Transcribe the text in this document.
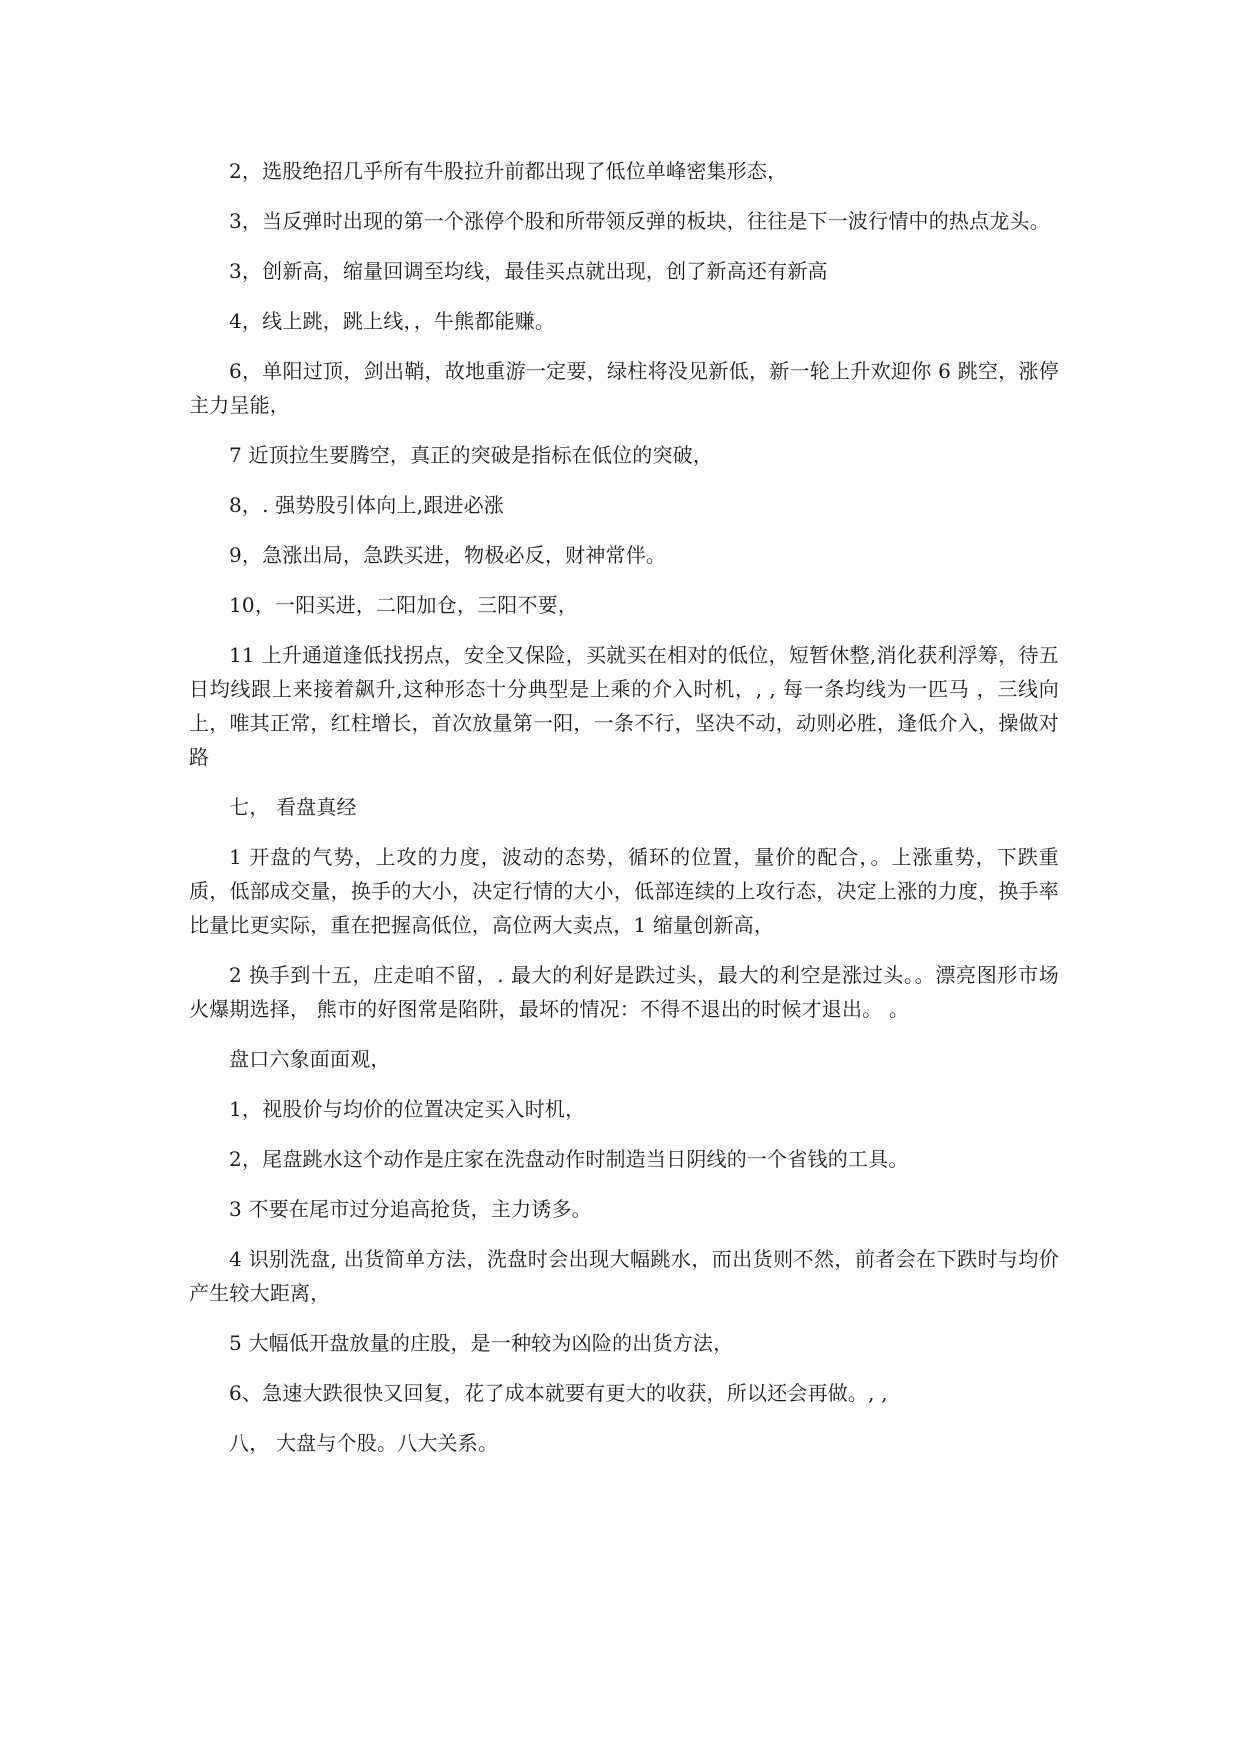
2，选股绝招几乎所有牛股拉升前都出现了低位单峰密集形态，

3，当反弹时出现的第一个涨停个股和所带领反弹的板块，往往是下一波行情中的热点龙头。

3，创新高，缩量回调至均线，最佳买点就出现，创了新高还有新高

4，线上跳，跳上线，，牛熊都能赚。

6，单阳过顶，剑出鞘，故地重游一定要，绿柱将没见新低，新一轮上升欢迎你 6 跳空，涨停主力呈能，

7 近顶拉生要腾空，真正的突破是指标在低位的突破，

8，. 强势股引体向上,跟进必涨

9，急涨出局，急跌买进，物极必反，财神常伴。

10，一阳买进，二阳加仓，三阳不要，

11 上升通道逢低找拐点，安全又保险，买就买在相对的低位，短暂休整,消化获利浮筹，待五日均线跟上来接着飙升,这种形态十分典型是上乘的介入时机，, , 每一条均线为一匹马 ，三线向上，唯其正常，红柱增长，首次放量第一阳，一条不行，坚决不动，动则必胜，逢低介入，操做对路

七， 看盘真经

1 开盘的气势，上攻的力度，波动的态势，循环的位置，量价的配合，。上涨重势，下跌重质，低部成交量，换手的大小，决定行情的大小，低部连续的上攻行态，决定上涨的力度，换手率比量比更实际，重在把握高低位，高位两大卖点，1 缩量创新高，

2 换手到十五，庄走咱不留，. 最大的利好是跌过头，最大的利空是涨过头。。漂亮图形市场火爆期选择， 熊市的好图常是陷阱，最坏的情况：不得不退出的时候才退出。 。

盘口六象面面观，

1，视股价与均价的位置决定买入时机，

2，尾盘跳水这个动作是庄家在洗盘动作时制造当日阴线的一个省钱的工具。

3 不要在尾市过分追高抢货，主力诱多。

4 识别洗盘, 出货简单方法，洗盘时会出现大幅跳水，而出货则不然，前者会在下跌时与均价产生较大距离，

5 大幅低开盘放量的庄股，是一种较为凶险的出货方法，

6、急速大跌很快又回复，花了成本就要有更大的收获，所以还会再做。, ,

八， 大盘与个股。八大关系。
